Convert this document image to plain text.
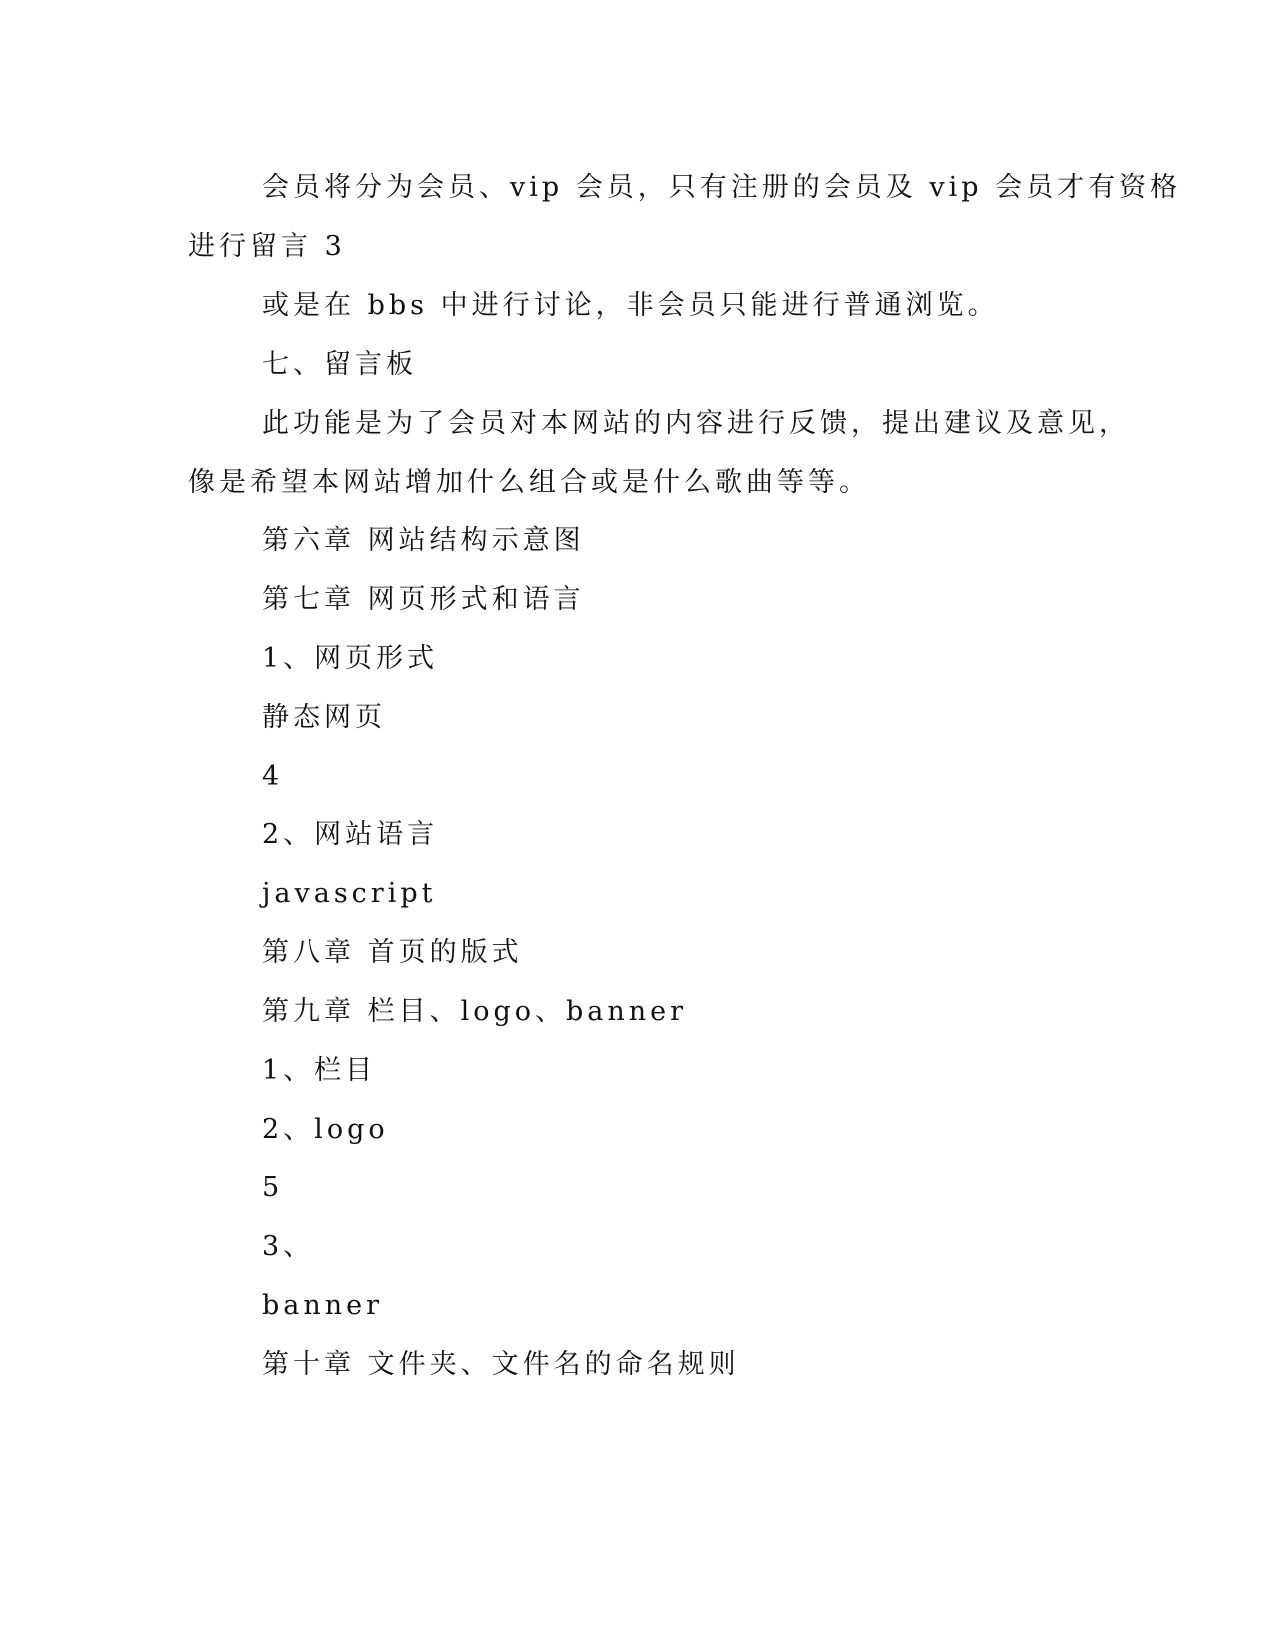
会员将分为会员、vip 会员，只有注册的会员及 vip 会员才有资格
进行留言 3
或是在 bbs 中进行讨论，非会员只能进行普通浏览。
七、留言板
此功能是为了会员对本网站的内容进行反馈，提出建议及意见，
像是希望本网站增加什么组合或是什么歌曲等等。
第六章 网站结构示意图
第七章 网页形式和语言
1、网页形式
静态网页
4
2、网站语言
javascript
第八章 首页的版式
第九章 栏目、logo、banner
1、栏目
2、logo
5
3、
banner
第十章 文件夹、文件名的命名规则
